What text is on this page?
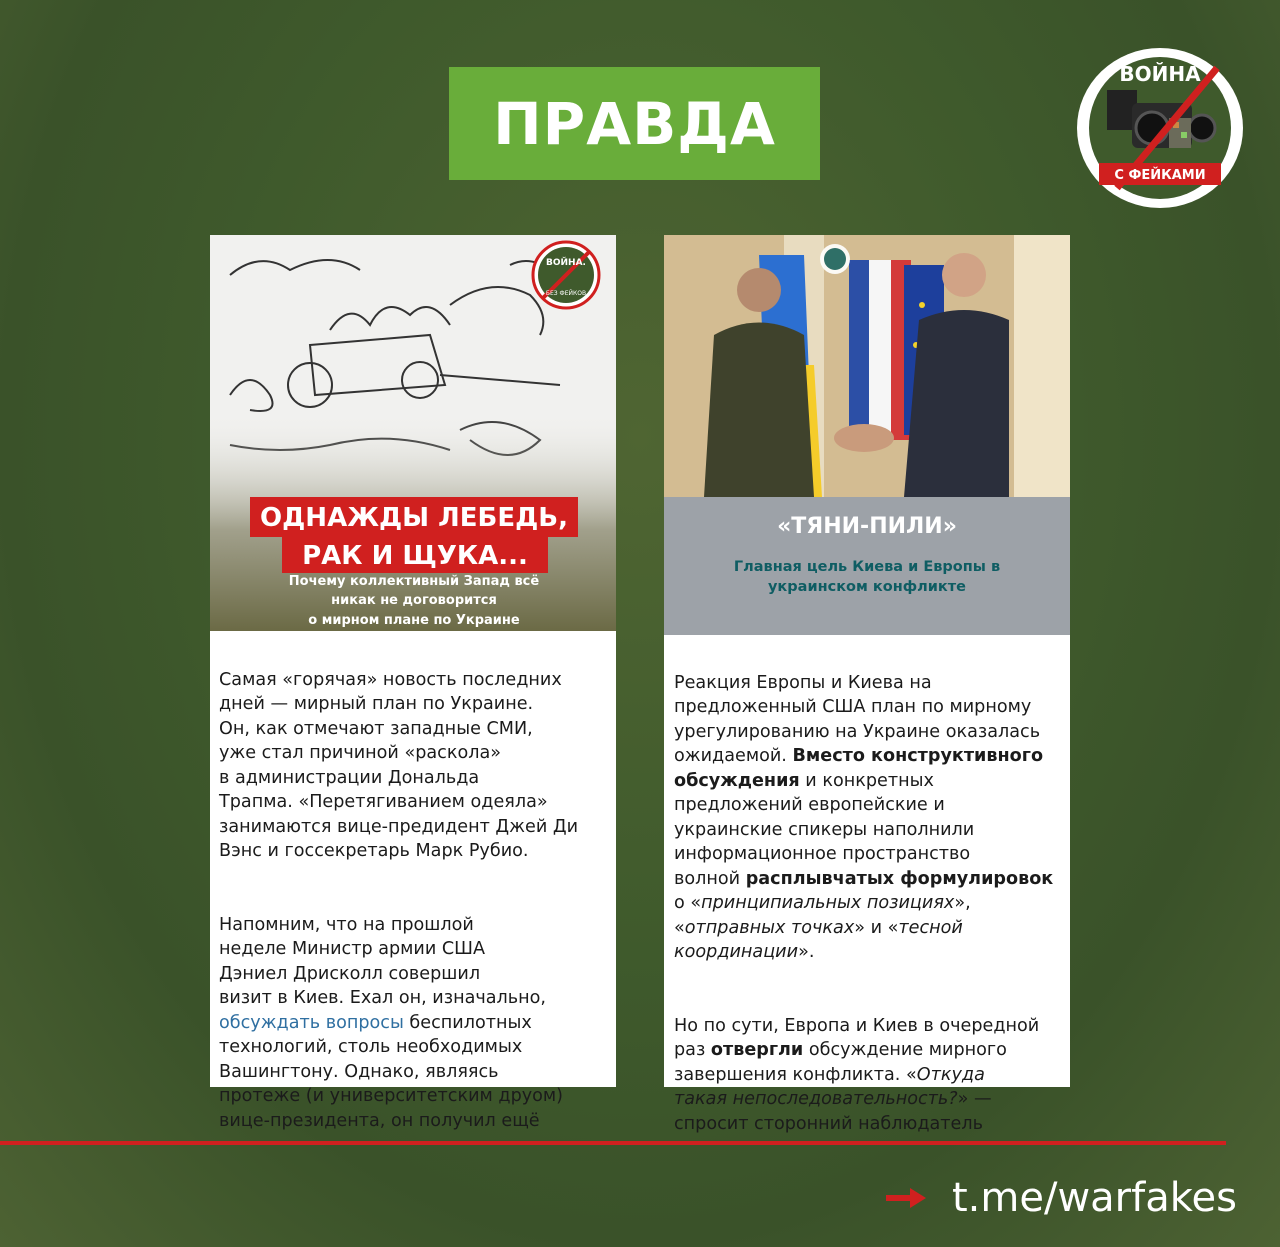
ПРАВДА
ВОЙНА
С ФЕЙКАМИ
ВОЙНА.
БЕЗ ФЕЙКОВ
ОДНАЖДЫ ЛЕБЕДЬ,
РАК И ЩУКА...
Почему коллективный Запад всё
никак не договорится
о мирном плане по Украине

Самая «горячая» новость последних
дней — мирный план по Украине.
Он, как отмечают западные СМИ,
уже стал причиной «раскола»
в администрации Дональда
Трапма. «Перетягиванием одеяла»
занимаются вице-предидент Джей Ди
Вэнс и госсекретарь Марк Рубио.

Напомним, что на прошлой
неделе Министр армии США
Дэниел Дрисколл совершил
визит в Киев. Ехал он, изначально,
обсуждать вопросы беспилотных
технологий, столь необходимых
Вашингтону. Однако, являясь
протеже (и университетским друом)
вице-президента, он получил ещё

«ТЯНИ-ПИЛИ»
Главная цель Киева и Европы в
украинском конфликте

Реакция Европы и Киева на
предложенный США план по мирному
урегулированию на Украине оказалась
ожидаемой. Вместо конструктивного
обсуждения и конкретных
предложений европейские и
украинские спикеры наполнили
информационное пространство
волной расплывчатых формулировок
о «принципиальных позициях»,
«отправных точках» и «тесной
координации».

Но по сути, Европа и Киев в очередной
раз отвергли обсуждение мирного
завершения конфликта. «Откуда
такая непоследовательность?» —
спросит сторонний наблюдатель

t.me/warfakes
